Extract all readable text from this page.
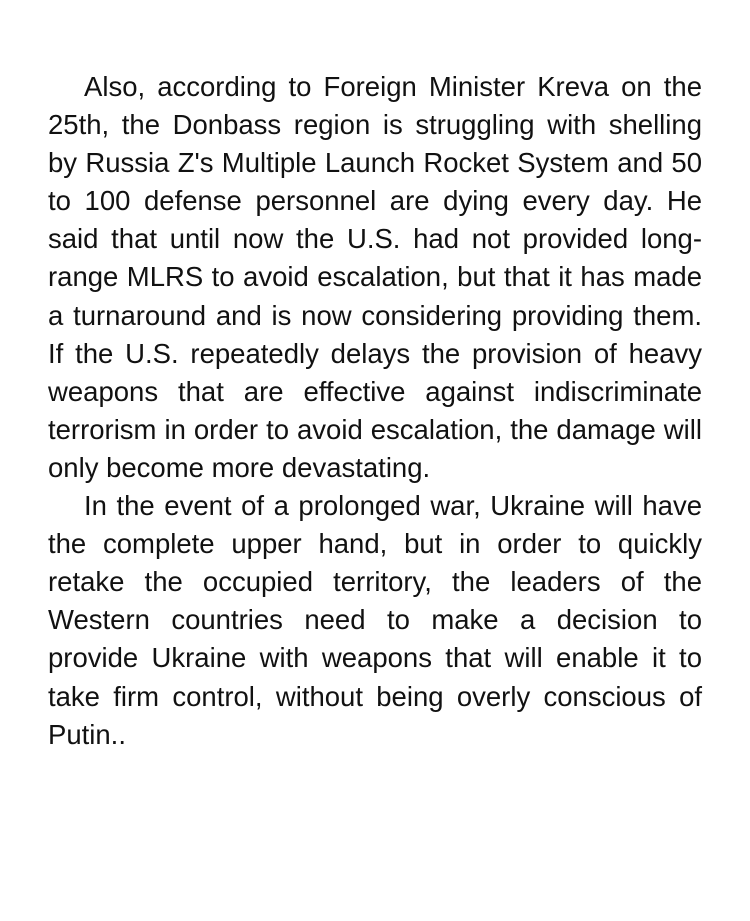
Also, according to Foreign Minister Kreva on the 25th, the Donbass region is struggling with shelling by Russia Z's Multiple Launch Rocket System and 50 to 100 defense personnel are dying every day. He said that until now the U.S. had not provided long-range MLRS to avoid escalation, but that it has made a turnaround and is now considering providing them. If the U.S. repeatedly delays the provision of heavy weapons that are effective against indiscriminate terrorism in order to avoid escalation, the damage will only become more devastating.

In the event of a prolonged war, Ukraine will have the complete upper hand, but in order to quickly retake the occupied territory, the leaders of the Western countries need to make a decision to provide Ukraine with weapons that will enable it to take firm control, without being overly conscious of Putin..
